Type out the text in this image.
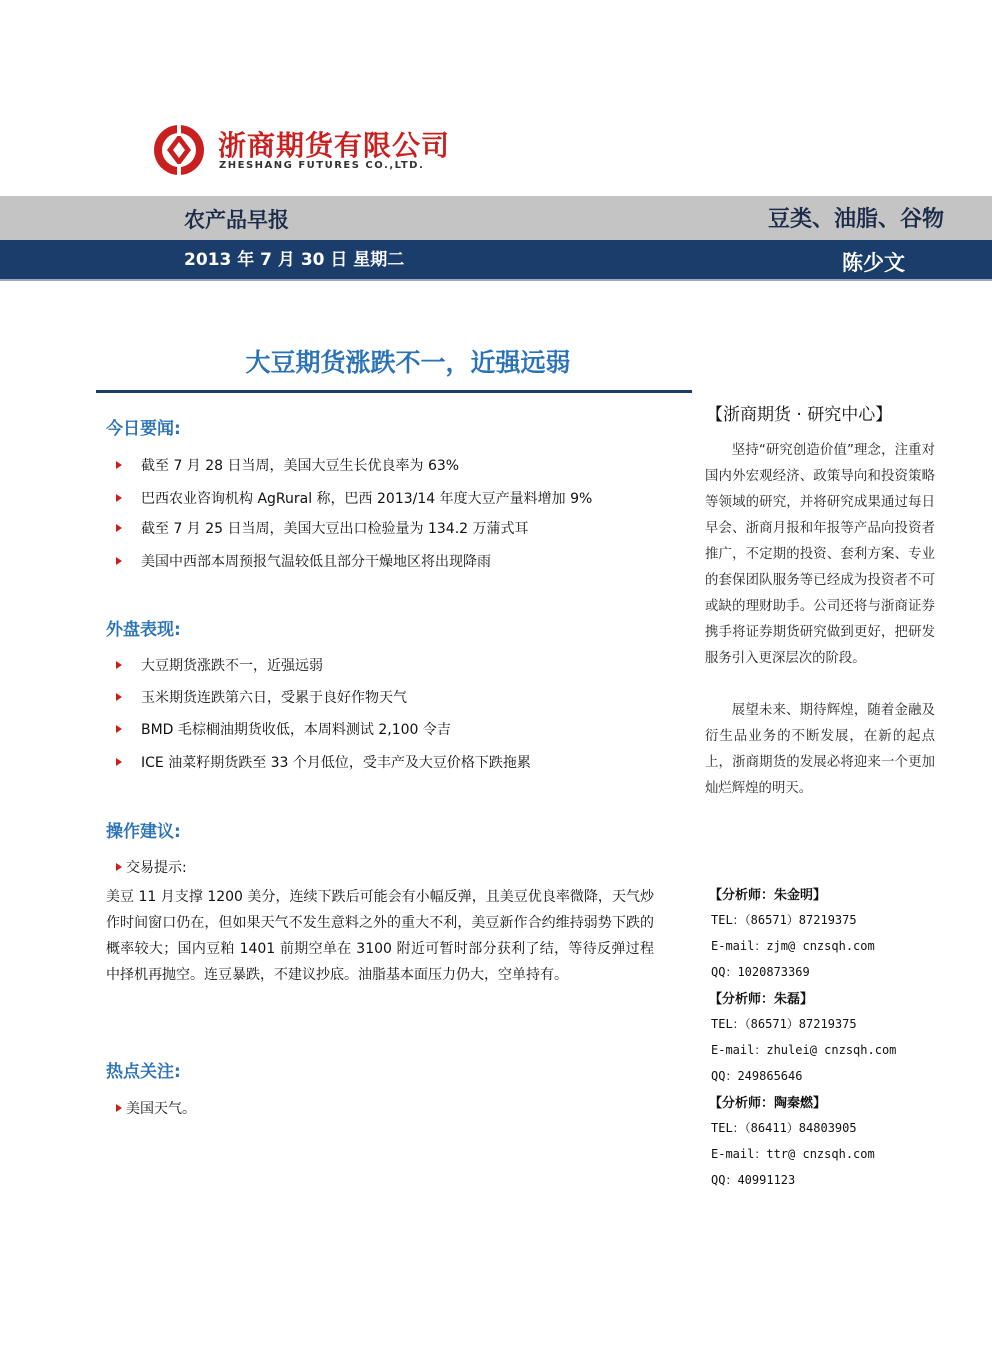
浙商期货有限公司
ZHESHANG FUTURES CO.,LTD.
农产品早报	豆类、油脂、谷物
2013 年 7 月 30 日 星期二	陈少文
大豆期货涨跌不一，近强远弱
今日要闻:
截至 7 月 28 日当周，美国大豆生长优良率为 63%
巴西农业咨询机构 AgRural 称，巴西 2013/14 年度大豆产量料增加 9%
截至 7 月 25 日当周，美国大豆出口检验量为 134.2 万蒲式耳
美国中西部本周预报气温较低且部分干燥地区将出现降雨
外盘表现:
大豆期货涨跌不一，近强远弱
玉米期货连跌第六日，受累于良好作物天气
BMD 毛棕榈油期货收低，本周料测试 2,100 令吉
ICE 油菜籽期货跌至 33 个月低位，受丰产及大豆价格下跌拖累
操作建议:
交易提示:
美豆 11 月支撑 1200 美分，连续下跌后可能会有小幅反弹，且美豆优良率微降，天气炒作时间窗口仍在，但如果天气不发生意料之外的重大不利，美豆新作合约维持弱势下跌的概率较大；国内豆粕 1401 前期空单在 3100 附近可暂时部分获利了结，等待反弹过程中择机再抛空。连豆暴跌，不建议抄底。油脂基本面压力仍大，空单持有。
热点关注:
美国天气。
【浙商期货 · 研究中心】
坚持“研究创造价值”理念，注重对国内外宏观经济、政策导向和投资策略等领域的研究，并将研究成果通过每日早会、浙商月报和年报等产品向投资者推广，不定期的投资、套利方案、专业的套保团队服务等已经成为投资者不可或缺的理财助手。公司还将与浙商证券携手将证券期货研究做到更好，把研发服务引入更深层次的阶段。
展望未来、期待辉煌，随着金融及衍生品业务的不断发展，在新的起点上，浙商期货的发展必将迎来一个更加灿烂辉煌的明天。
【分析师：朱金明】
TEL：（86571）87219375
E-mail：zjm@ cnzsqh.com
QQ：1020873369
【分析师：朱磊】
TEL：（86571）87219375
E-mail：zhulei@ cnzsqh.com
QQ：249865646
【分析师：陶秦燃】
TEL：（86411）84803905
E-mail：ttr@ cnzsqh.com
QQ：40991123
